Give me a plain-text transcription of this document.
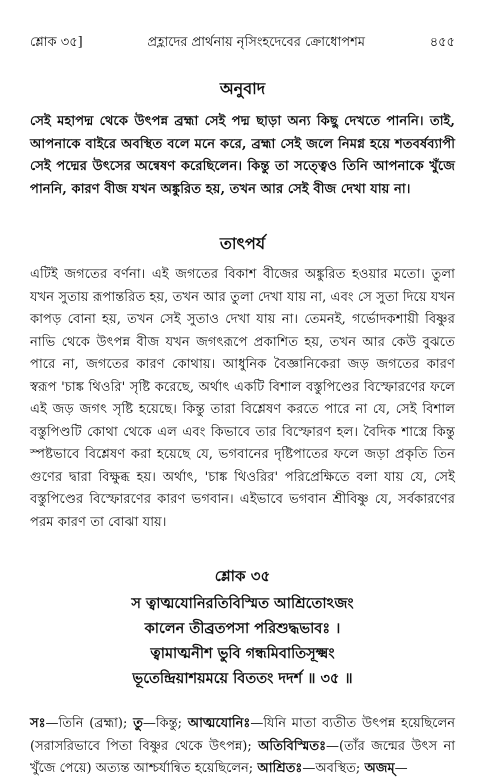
শ্লোক ৩৫]	প্রহ্লাদের প্রার্থনায় নৃসিংহদেবের ক্রোধোপশম	৪৫৫
অনুবাদ

সেই মহাপদ্ম থেকে উৎপন্ন ব্রহ্মা সেই পদ্ম ছাড়া অন্য কিছু দেখতে পাননি। তাই, আপনাকে বাইরে অবস্থিত বলে মনে করে, ব্রহ্মা সেই জলে নিমগ্ন হয়ে শতবর্ষব্যাপী সেই পদ্মের উৎসের অন্বেষণ করেছিলেন। কিন্তু তা সত্ত্বেও তিনি আপনাকে খুঁজে পাননি, কারণ বীজ যখন অঙ্কুরিত হয়, তখন আর সেই বীজ দেখা যায় না।

তাৎপর্য

এটিই জগতের বর্ণনা। এই জগতের বিকাশ বীজের অঙ্কুরিত হওয়ার মতো। তুলা যখন সুতায় রূপান্তরিত হয়, তখন আর তুলা দেখা যায় না, এবং সে সুতা দিয়ে যখন কাপড় বোনা হয়, তখন সেই সুতাও দেখা যায় না। তেমনই, গর্ভোদকশায়ী বিষ্ণুর নাভি থেকে উৎপন্ন বীজ যখন জগৎরূপে প্রকাশিত হয়, তখন আর কেউ বুঝতে পারে না, জগতের কারণ কোথায়। আধুনিক বৈজ্ঞানিকেরা জড় জগতের কারণ স্বরূপ 'চাঙ্ক থিওরি' সৃষ্টি করেছে, অর্থাৎ একটি বিশাল বস্তুপিণ্ডের বিস্ফোরণের ফলে এই জড় জগৎ সৃষ্টি হয়েছে। কিন্তু তারা বিশ্লেষণ করতে পারে না যে, সেই বিশাল বস্তুপিণ্ডটি কোথা থেকে এল এবং কিভাবে তার বিস্ফোরণ হল। বৈদিক শাস্ত্রে কিন্তু স্পষ্টভাবে বিশ্লেষণ করা হয়েছে যে, ভগবানের দৃষ্টিপাতের ফলে জড়া প্রকৃতি তিন গুণের দ্বারা বিক্ষুব্ধ হয়। অর্থাৎ, 'চাঙ্ক থিওরির' পরিপ্রেক্ষিতে বলা যায় যে, সেই বস্তুপিণ্ডের বিস্ফোরণের কারণ ভগবান। এইভাবে ভগবান শ্রীবিষ্ণু যে, সর্বকারণের পরম কারণ তা বোঝা যায়।

শ্লোক ৩৫
স ত্বাত্মযোনিরতিবিস্মিত আশ্রিতোঽজং
কালেন তীব্রতপসা পরিশুদ্ধভাবঃ ।
ত্বামাত্মনীশ ভুবি গন্ধমিবাতিসূক্ষ্মং
ভূতেন্দ্রিয়াশয়ময়ে বিততং দদর্শ ॥ ৩৫ ॥
সঃ—তিনি (ব্রহ্মা); তু—কিন্তু; আত্মযোনিঃ—যিনি মাতা ব্যতীত উৎপন্ন হয়েছিলেন (সরাসরিভাবে পিতা বিষ্ণুর থেকে উৎপন্ন); অতিবিস্মিতঃ—(তাঁর জন্মের উৎস না খুঁজে পেয়ে) অত্যন্ত আশ্চর্যান্বিত হয়েছিলেন; আশ্রিতঃ—অবস্থিত; অজম্—
